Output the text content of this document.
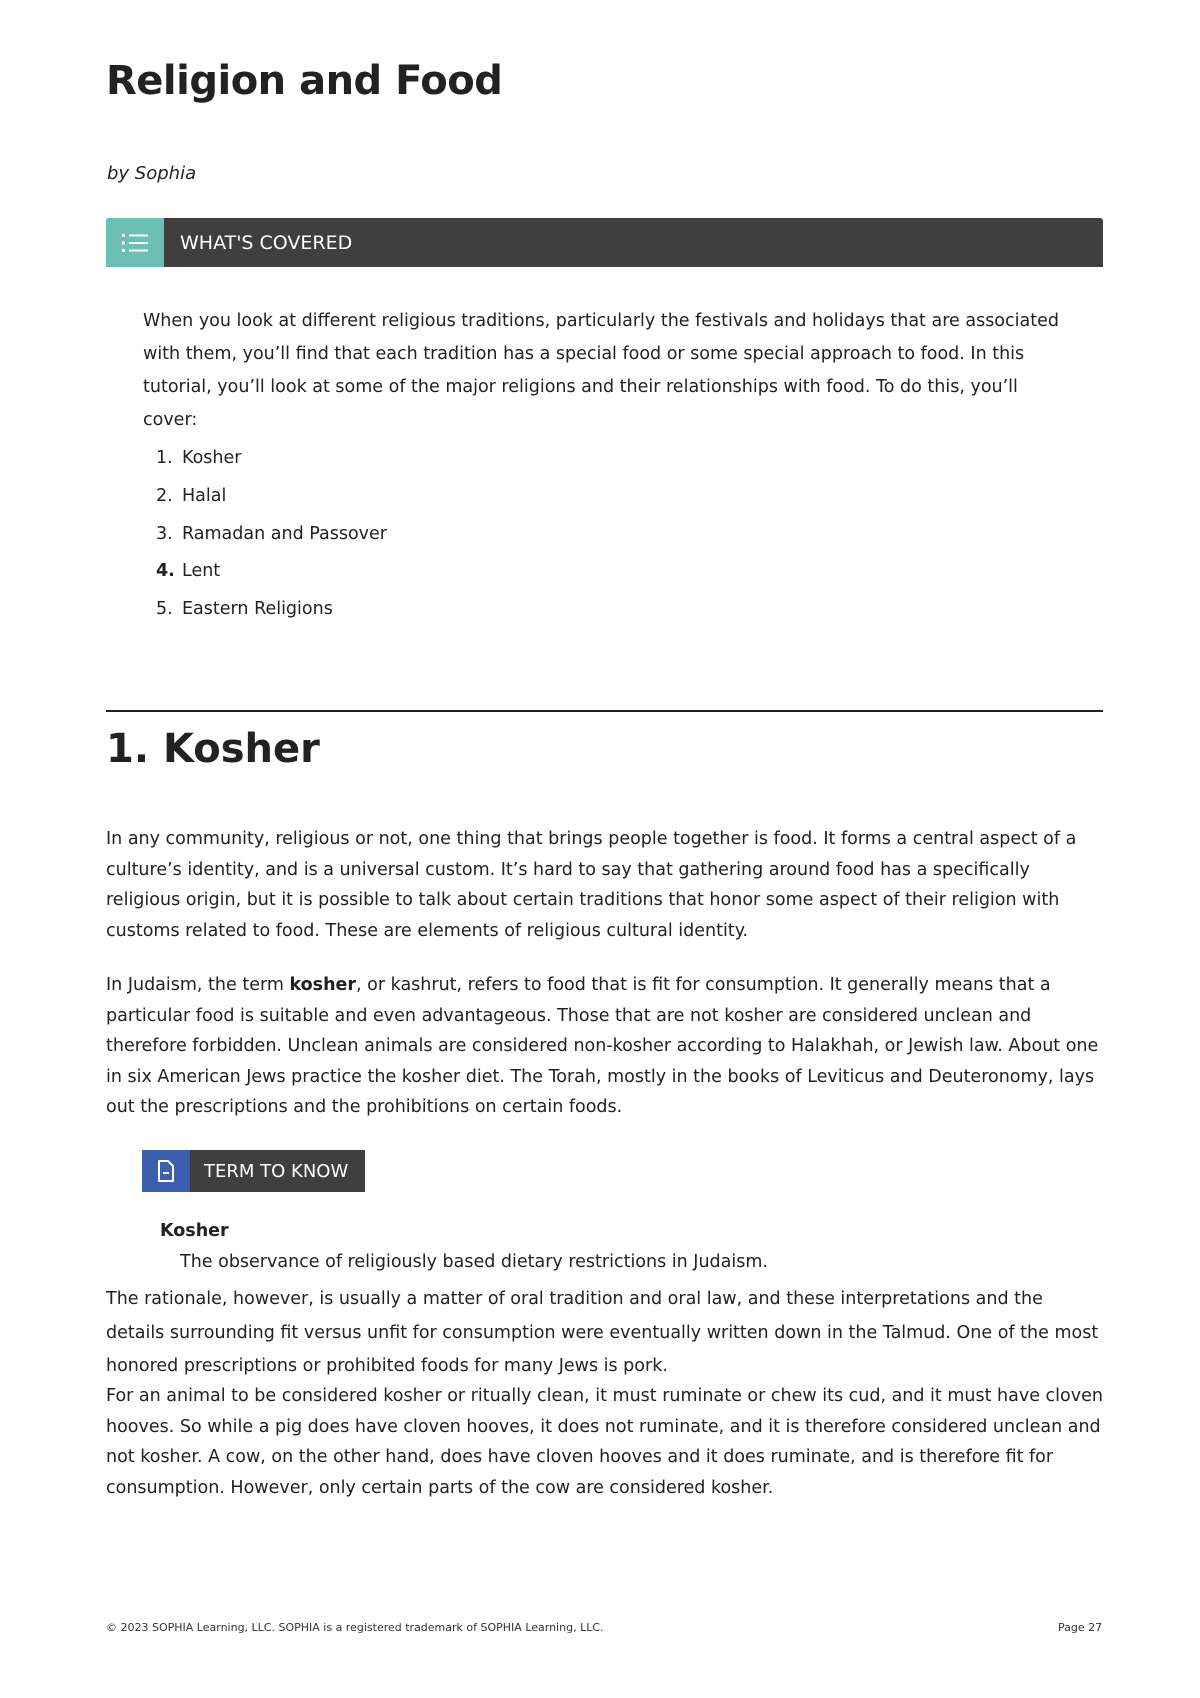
Religion and Food
by Sophia
WHAT'S COVERED
When you look at different religious traditions, particularly the festivals and holidays that are associated with them, you’ll find that each tradition has a special food or some special approach to food. In this tutorial, you’ll look at some of the major religions and their relationships with food. To do this, you’ll cover:
1. Kosher
2. Halal
3. Ramadan and Passover
4. Lent
5. Eastern Religions
1. Kosher
In any community, religious or not, one thing that brings people together is food. It forms a central aspect of a culture’s identity, and is a universal custom. It’s hard to say that gathering around food has a specifically religious origin, but it is possible to talk about certain traditions that honor some aspect of their religion with customs related to food. These are elements of religious cultural identity.
In Judaism, the term kosher, or kashrut, refers to food that is fit for consumption. It generally means that a particular food is suitable and even advantageous. Those that are not kosher are considered unclean and therefore forbidden. Unclean animals are considered non-kosher according to Halakhah, or Jewish law. About one in six American Jews practice the kosher diet. The Torah, mostly in the books of Leviticus and Deuteronomy, lays out the prescriptions and the prohibitions on certain foods.
TERM TO KNOW
Kosher
The observance of religiously based dietary restrictions in Judaism.
The rationale, however, is usually a matter of oral tradition and oral law, and these interpretations and the details surrounding fit versus unfit for consumption were eventually written down in the Talmud. One of the most honored prescriptions or prohibited foods for many Jews is pork.
For an animal to be considered kosher or ritually clean, it must ruminate or chew its cud, and it must have cloven hooves. So while a pig does have cloven hooves, it does not ruminate, and it is therefore considered unclean and not kosher. A cow, on the other hand, does have cloven hooves and it does ruminate, and is therefore fit for consumption. However, only certain parts of the cow are considered kosher.
© 2023 SOPHIA Learning, LLC. SOPHIA is a registered trademark of SOPHIA Learning, LLC.	Page 27
